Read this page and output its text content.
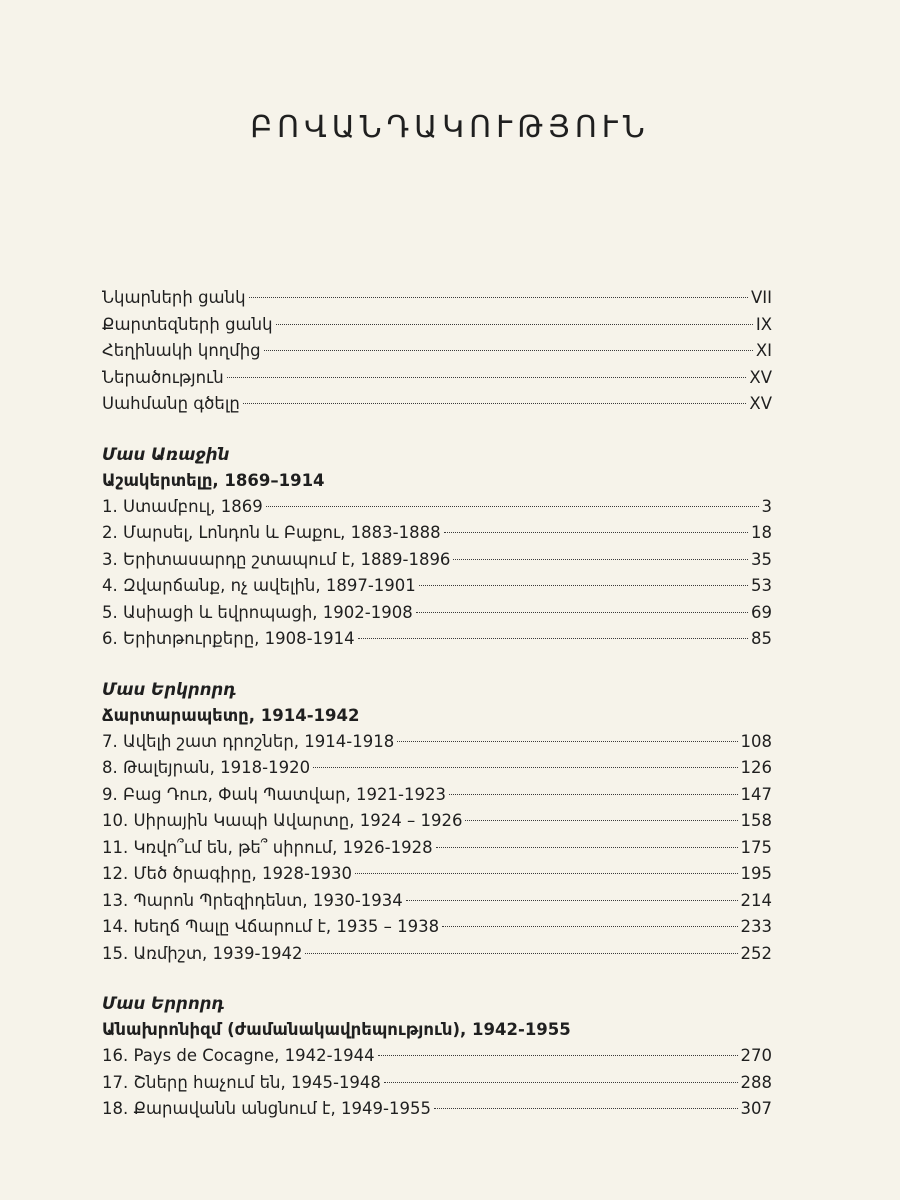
ԲՈՎԱՆԴԱԿՈՒԹՅՈՒՆ
Նկարների ցանկ	VII
Քարտեզների ցանկ	IX
Հեղինակի կողմից	XI
Ներածություն	XV
Սահմանը գծելը	XV
Մաս Առաջին
Աշակերտելը, 1869–1914
1. Ստամբուլ, 1869	3
2. Մարսել, Լոնդոն և Բաքու, 1883-1888	18
3. Երիտասարդը շտապում է, 1889-1896	35
4. Զվարճանք, ոչ ավելին, 1897-1901	53
5. Ասիացի և եվրոպացի, 1902-1908	69
6. Երիտթուրքերը, 1908-1914	85
Մաս Երկրորդ
Ճարտարապետը, 1914-1942
7. Ավելի շատ դրոշներ, 1914-1918	108
8. Թալեյրան, 1918-1920	126
9. Բաց Դուռ, Փակ Պատվար, 1921-1923	147
10. Սիրային Կապի Ավարտը, 1924 – 1926	158
11. Կռվո՞ւմ են, թե՞ սիրում, 1926-1928	175
12. Մեծ ծրագիրը, 1928-1930	195
13. Պարոն Պրեզիդենտ, 1930-1934	214
14. Խեղճ Պալը Վճարում է, 1935 – 1938	233
15. Առմիշտ, 1939-1942	252
Մաս Երրորդ
Անախրոնիզմ (ժամանակավրեպություն), 1942-1955
16. Pays de Cocagne, 1942-1944	270
17. Շները հաչում են, 1945-1948	288
18. Քարավանն անցնում է, 1949-1955	307
